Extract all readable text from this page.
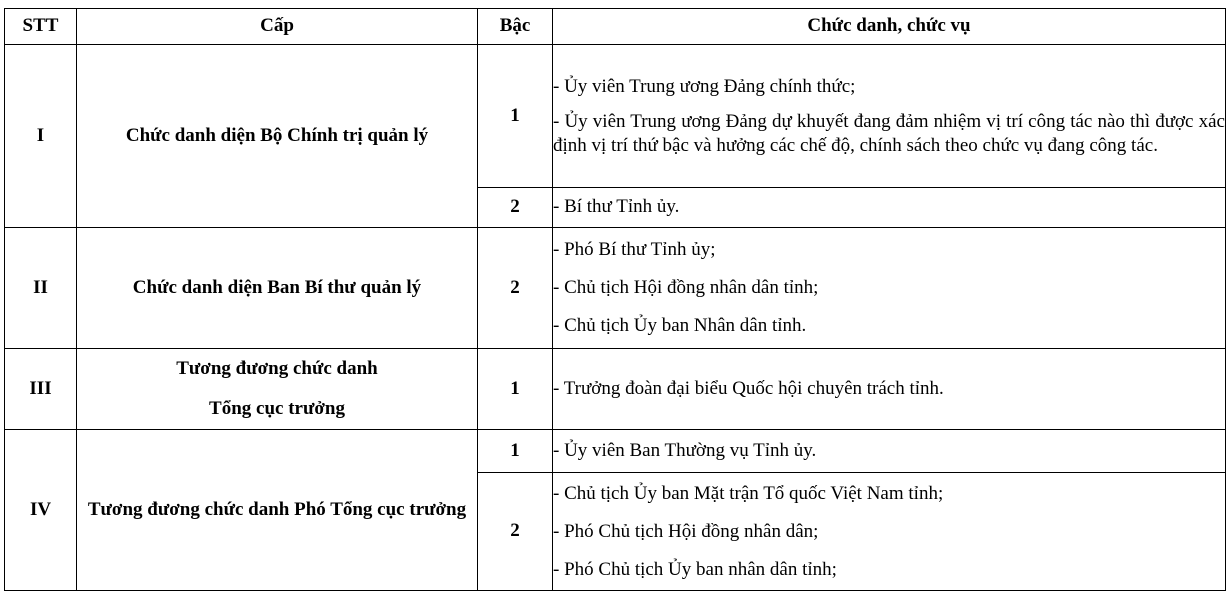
STT	Cấp	Bậc	Chức danh, chức vụ
I	Chức danh diện Bộ Chính trị quản lý	1	- Ủy viên Trung ương Đảng chính thức;
- Ủy viên Trung ương Đảng dự khuyết đang đảm nhiệm vị trí công tác nào thì được xác định vị trí thứ bậc và hưởng các chế độ, chính sách theo chức vụ đang công tác.

		2	- Bí thư Tỉnh ủy.

II	Chức danh diện Ban Bí thư quản lý	2	- Phó Bí thư Tỉnh ủy;
- Chủ tịch Hội đồng nhân dân tỉnh;
- Chủ tịch Ủy ban Nhân dân tỉnh.

III	Tương đương chức danh
Tổng cục trưởng	1	- Trưởng đoàn đại biểu Quốc hội chuyên trách tỉnh.

IV	Tương đương chức danh Phó Tổng cục trưởng	1	- Ủy viên Ban Thường vụ Tỉnh ủy.

		2	- Chủ tịch Ủy ban Mặt trận Tổ quốc Việt Nam tỉnh;
- Phó Chủ tịch Hội đồng nhân dân;
- Phó Chủ tịch Ủy ban nhân dân tỉnh;
